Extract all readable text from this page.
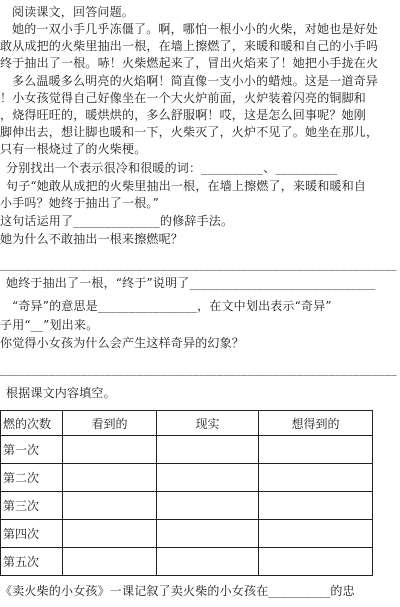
阅读课文，回答问题。
她的一双小手几乎冻僵了。啊，哪怕一根小小的火柴，对她也是好处
敢从成把的火柴里抽出一根，在墙上擦燃了，来暖和暖和自己的小手吗
终于抽出了一根。哧！火柴燃起来了，冒出火焰来了！她把小手拢在火
多么温暖多么明亮的火焰啊！简直像一支小小的蜡烛。这是一道奇异
！小女孩觉得自己好像坐在一个大火炉前面，火炉装着闪亮的铜脚和
，烧得旺旺的，暖烘烘的，多么舒服啊！哎，这是怎么回事呢？她刚
脚伸出去，想让脚也暖和一下，火柴灭了，火炉不见了。她坐在那儿，
只有一根烧过了的火柴梗。
分别找出一个表示很冷和很暖的词：__________、__________
句子“她敢从成把的火柴里抽出一根，在墙上擦燃了，来暖和暖和自
小手吗？她终于抽出了一根。”
这句话运用了______________的修辞手法。
她为什么不敢抽出一根来擦燃呢？
________________________________________________________________
她终于抽出了一根，“终于”说明了______________________________
“奇异”的意思是________________，在文中划出表示“奇异”
子用“__”划出来。
你觉得小女孩为什么会产生这样奇异的幻象？
________________________________________________________________
根据课文内容填空。
燃的次数	看到的	现实	想得到的
第一次			
第二次			
第三次			
第四次			
第五次			
《卖火柴的小女孩》一课记叙了卖火柴的小女孩在__________的忠
